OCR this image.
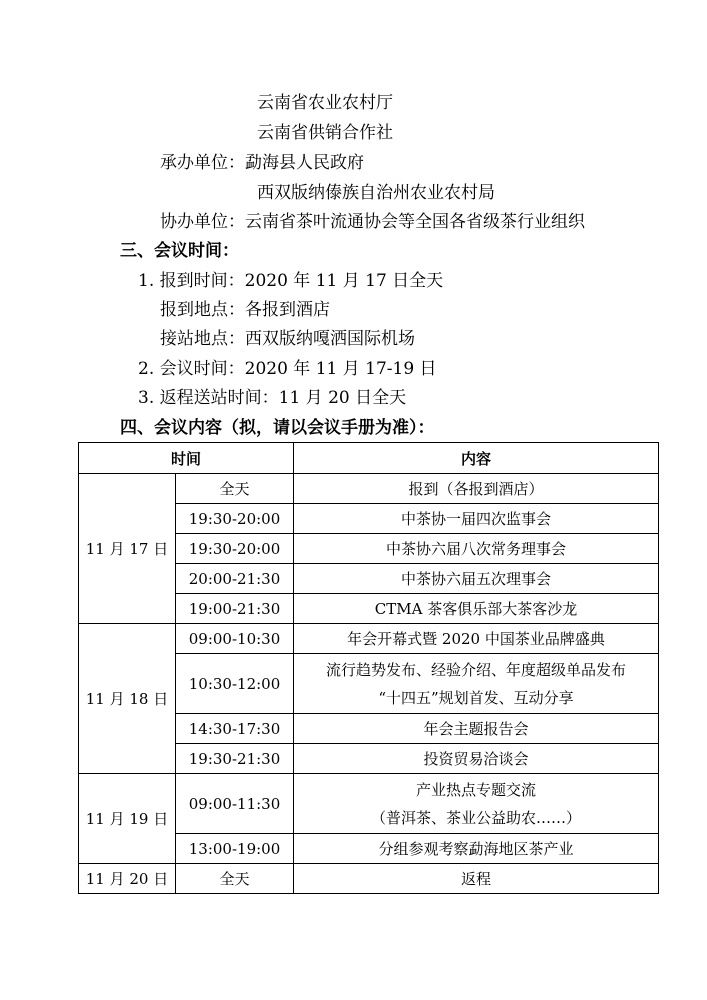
云南省农业农村厅
云南省供销合作社
承办单位：勐海县人民政府
西双版纳傣族自治州农业农村局
协办单位：云南省茶叶流通协会等全国各省级茶行业组织
三、会议时间：
1. 报到时间：2020 年 11 月 17 日全天
报到地点：各报到酒店
接站地点：西双版纳嘎洒国际机场
2. 会议时间：2020 年 11 月 17-19 日
3. 返程送站时间：11 月 20 日全天
四、会议内容（拟，请以会议手册为准）：
时间		内容
11 月 17 日	全天	报到（各报到酒店）
	19:30-20:00	中茶协一届四次监事会
	19:30-20:00	中茶协六届八次常务理事会
	20:00-21:30	中茶协六届五次理事会
	19:00-21:30	CTMA 茶客俱乐部大茶客沙龙
11 月 18 日	09:00-10:30	年会开幕式暨 2020 中国茶业品牌盛典
	10:30-12:00	流行趋势发布、经验介绍、年度超级单品发布
“十四五”规划首发、互动分享

	14:30-17:30	年会主题报告会
	19:30-21:30	投资贸易洽谈会
11 月 19 日	09:00-11:30	产业热点专题交流
（普洱茶、茶业公益助农……）

	13:00-19:00	分组参观考察勐海地区茶产业
11 月 20 日	全天	返程
